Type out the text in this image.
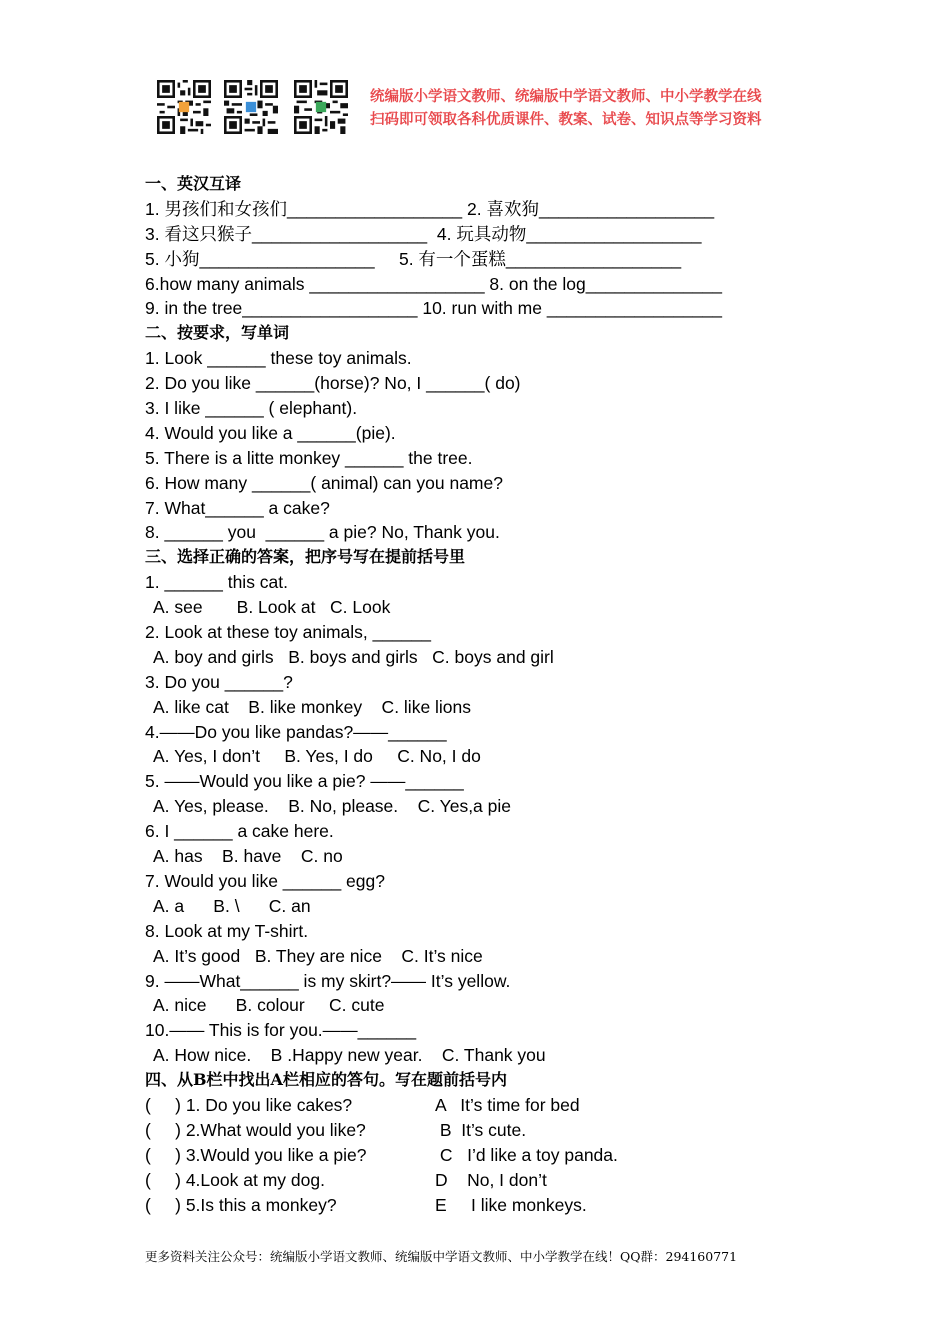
统编版小学语文教师、统编版中学语文教师、中小学教学在线
扫码即可领取各科优质课件、教案、试卷、知识点等学习资料
一、英汉互译
1. 男孩们和女孩们__________________ 2. 喜欢狗__________________
3. 看这只猴子__________________  4. 玩具动物__________________
5. 小狗__________________     5. 有一个蛋糕__________________
6.how many animals __________________ 8. on the log______________
9. in the tree__________________ 10. run with me __________________
二、按要求，写单词
1. Look ______ these toy animals.
2. Do you like ______(horse)? No, I ______( do)
3. I like ______ ( elephant).
4. Would you like a ______(pie).
5. There is a litte monkey ______ the tree.
6. How many ______( animal) can you name?
7. What______ a cake?
8. ______ you  ______ a pie? No, Thank you.
三、选择正确的答案，把序号写在提前括号里
1. ______ this cat.
A. see       B. Look at   C. Look
2. Look at these toy animals, ______
A. boy and girls   B. boys and girls   C. boys and girl
3. Do you ______?
A. like cat    B. like monkey    C. like lions
4.——Do you like pandas?——______
A. Yes, I don’t     B. Yes, I do     C. No, I do
5. ——Would you like a pie? ——______
A. Yes, please.    B. No, please.    C. Yes,a pie
6. I ______ a cake here.
A. has    B. have    C. no
7. Would you like ______ egg?
A. a      B. \      C. an
8. Look at my T-shirt.
A. It’s good   B. They are nice    C. It’s nice
9. ——What______ is my skirt?—— It’s yellow.
A. nice      B. colour     C. cute
10.—— This is for you.——______
A. How nice.    B .Happy new year.    C. Thank you
四、从B栏中找出A栏相应的答句。写在题前括号内
(     ) 1. Do you like cakes?	A   It’s time for bed
(     ) 2.What would you like?	B  It’s cute.
(     ) 3.Would you like a pie?	C   I’d like a toy panda.
(     ) 4.Look at my dog.	D    No, I don’t
(     ) 5.Is this a monkey?	E     I like monkeys.
更多资料关注公众号：统编版小学语文教师、统编版中学语文教师、中小学教学在线！QQ群：294160771
